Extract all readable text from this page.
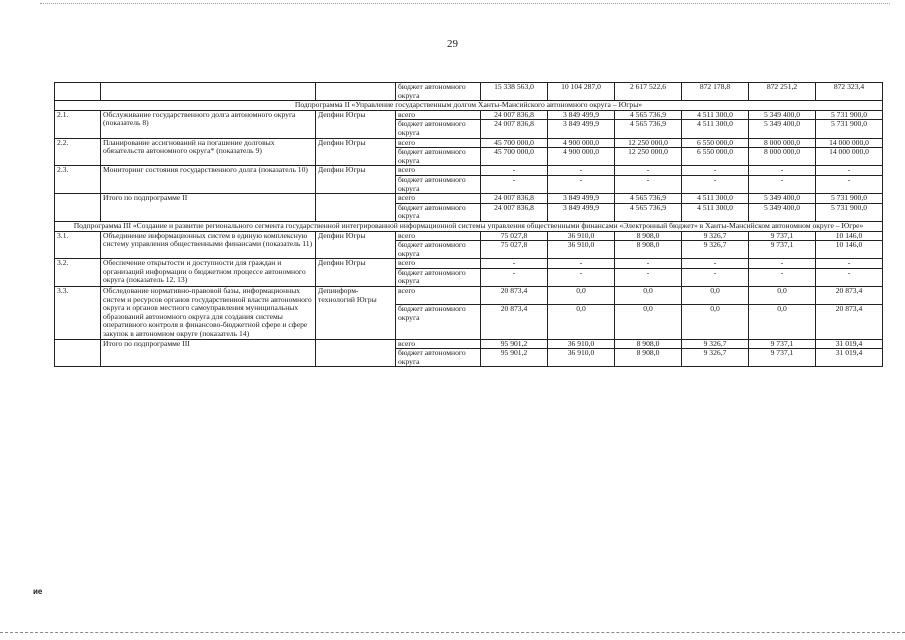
29
			бюджет автономного округа	15 338 563,0	10 104 287,0	2 617 522,6	872 178,8	872 251,2	872 323,4
Подпрограмма II «Управление государственным долгом Ханты-Мансийского автономного округа – Югры»									
2.1.	Обслуживание государственного долга автономного округа (показатель 8)	Депфин Югры	всего	24 007 836,8	3 849 499,9	4 565 736,9	4 511 300,0	5 349 400,0	5 731 900,0
			бюджет автономного округа	24 007 836,8	3 849 499,9	4 565 736,9	4 511 300,0	5 349 400,0	5 731 900,0
2.2.	Планирование ассигнований на погашение долговых обязательств автономного округа* (показатель 9)	Депфин Югры	всего	45 700 000,0	4 900 000,0	12 250 000,0	6 550 000,0	8 000 000,0	14 000 000,0
			бюджет автономного округа	45 700 000,0	4 900 000,0	12 250 000,0	6 550 000,0	8 000 000,0	14 000 000,0
2.3.	Мониторинг состояния государственного долга (показатель 10)	Депфин Югры	всего	-	-	-	-	-	-
			бюджет автономного округа	-	-	-	-	-	-
	Итого по подпрограмме II		всего	24 007 836,8	3 849 499,9	4 565 736,9	4 511 300,0	5 349 400,0	5 731 900,0
			бюджет автономного округа	24 007 836,8	3 849 499,9	4 565 736,9	4 511 300,0	5 349 400,0	5 731 900,0
Подпрограмма III «Создание и развитие регионального сегмента государственной интегрированной информационной системы управления общественными финансами «Электронный бюджет» в Ханты-Мансийском автономном округе – Югре»									
3.1.	Объединение информационных систем в единую комплексную систему управления общественными финансами (показатель 11)	Депфин Югры	всего	75 027,8	36 910,0	8 908,0	9 326,7	9 737,1	10 146,0
			бюджет автономного округа	75 027,8	36 910,0	8 908,0	9 326,7	9 737,1	10 146,0
3.2.	Обеспечение открытости и доступности для граждан и организаций информации о бюджетном процессе автономного округа (показатель 12, 13)	Депфин Югры	всего	-	-	-	-	-	-
			бюджет автономного округа	-	-	-	-	-	-
3.3.	Обследование нормативно-правовой базы, информационных систем и ресурсов органов государственной власти автономного округа и органов местного самоуправления муниципальных образований автономного округа для создания системы оперативного контроля в финансово-бюджетной сфере и сфере закупок в автономном округе (показатель 14)	Депинформ-технологий Югры	всего	20 873,4	0,0	0,0	0,0	0,0	20 873,4
			бюджет автономного округа	20 873,4	0,0	0,0	0,0	0,0	20 873,4
	Итого по подпрограмме III		всего	95 901,2	36 910,0	8 908,0	9 326,7	9 737,1	31 019,4
			бюджет автономного округа	95 901,2	36 910,0	8 908,0	9 326,7	9 737,1	31 019,4
ие
